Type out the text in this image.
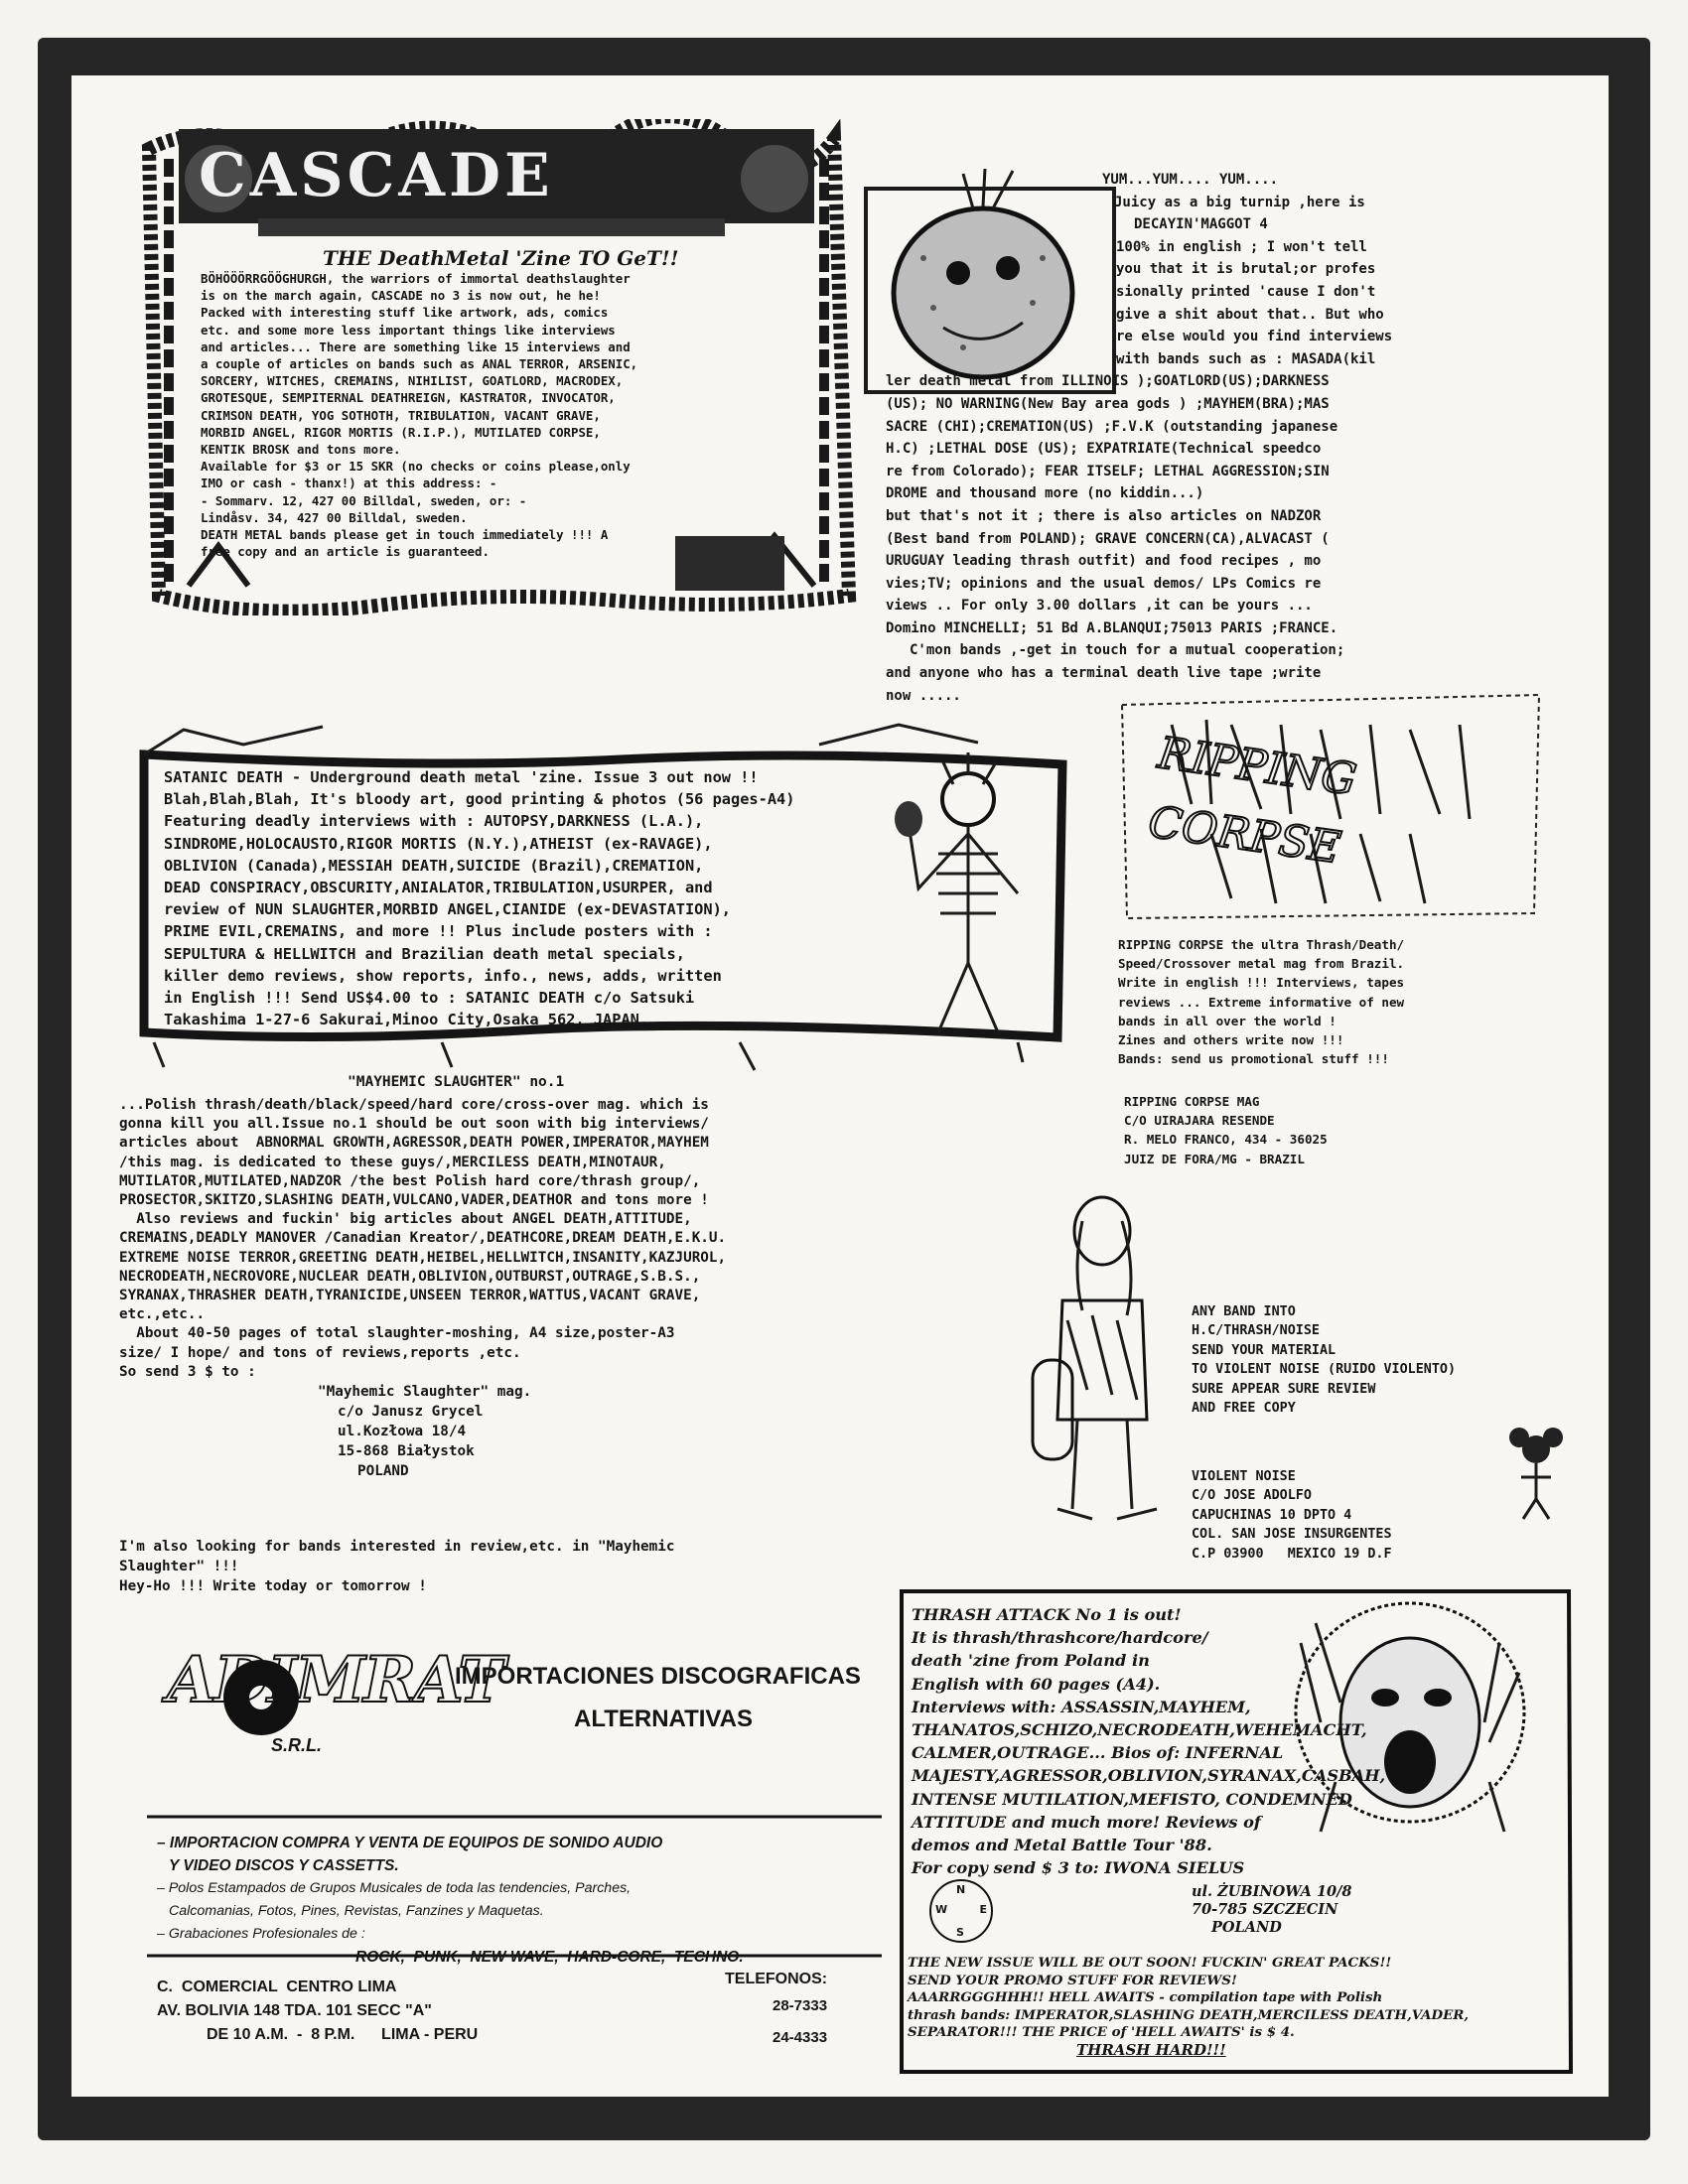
CASCADE
THE DeathMetal 'Zine TO GeT!!
BÖHÖÖÖRRGÖÖGHURGH, the warriors of immortal deathslaughter
is on the march again, CASCADE no 3 is now out, he he!
Packed with interesting stuff like artwork, ads, comics
etc. and some more less important things like interviews
and articles... There are something like 15 interviews and
a couple of articles on bands such as ANAL TERROR, ARSENIC,
SORCERY, WITCHES, CREMAINS, NIHILIST, GOATLORD, MACRODEX,
GROTESQUE, SEMPITERNAL DEATHREIGN, KASTRATOR, INVOCATOR,
CRIMSON DEATH, YOG SOTHOTH, TRIBULATION, VACANT GRAVE,
MORBID ANGEL, RIGOR MORTIS (R.I.P.), MUTILATED CORPSE,
KENTIK BROSK and tons more.
Available for $3 or 15 SKR (no checks or coins please,only
IMO or cash - thanx!) at this address: -
- Sommarv. 12, 427 00 Billdal, sweden, or: -
Lindåsv. 34, 427 00 Billdal, sweden.
DEATH METAL bands please get in touch immediately !!! A
free copy and an article is guaranteed.
YUM...YUM.... YUM....
Juicy as a big turnip ,here is
DECAYIN'MAGGOT 4
100% in english ; I won't tell
you that it is brutal;or profes
sionally printed 'cause I don't
give a shit about that.. But who
re else would you find interviews
with bands such as : MASADA(kil
ler death metal from ILLINOIS );GOATLORD(US);DARKNESS
(US); NO WARNING(New Bay area gods ) ;MAYHEM(BRA);MAS
SACRE (CHI);CREMATION(US) ;F.V.K (outstanding japanese
H.C) ;LETHAL DOSE (US); EXPATRIATE(Technical speedco
re from Colorado); FEAR ITSELF; LETHAL AGGRESSION;SIN
DROME and thousand more (no kiddin...)
but that's not it ; there is also articles on NADZOR
(Best band from POLAND); GRAVE CONCERN(CA),ALVACAST (
URUGUAY leading thrash outfit) and food recipes , mo
vies;TV; opinions and the usual demos/ LPs Comics re
views .. For only 3.00 dollars ,it can be yours ...
Domino MINCHELLI; 51 Bd A.BLANQUI;75013 PARIS ;FRANCE.
C'mon bands ,-get in touch for a mutual cooperation;
and anyone who has a terminal death live tape ;write
now .....
SATANIC DEATH - Underground death metal 'zine. Issue 3 out now !!
Blah,Blah,Blah, It's bloody art, good printing & photos (56 pages-A4)
Featuring deadly interviews with : AUTOPSY,DARKNESS (L.A.),
SINDROME,HOLOCAUSTO,RIGOR MORTIS (N.Y.),ATHEIST (ex-RAVAGE),
OBLIVION (Canada),MESSIAH DEATH,SUICIDE (Brazil),CREMATION,
DEAD CONSPIRACY,OBSCURITY,ANIALATOR,TRIBULATION,USURPER, and
review of NUN SLAUGHTER,MORBID ANGEL,CIANIDE (ex-DEVASTATION),
PRIME EVIL,CREMAINS, and more !! Plus include posters with :
SEPULTURA & HELLWITCH and Brazilian death metal specials,
killer demo reviews, show reports, info., news, adds, written
in English !!! Send US$4.00 to : SATANIC DEATH c/o Satsuki
Takashima 1-27-6 Sakurai,Minoo City,Osaka 562, JAPAN.
RIPPING CORPSE
RIPPING CORPSE the ultra Thrash/Death/
Speed/Crossover metal mag from Brazil.
Write in english !!! Interviews, tapes
reviews ... Extreme informative of new
bands in all over the world !
Zines and others write now !!!
Bands: send us promotional stuff !!!
RIPPING CORPSE MAG
C/O UIRAJARA RESENDE
R. MELO FRANCO, 434 - 36025
JUIZ DE FORA/MG - BRAZIL
"MAYHEMIC SLAUGHTER" no.1
...Polish thrash/death/black/speed/hard core/cross-over mag. which is
gonna kill you all.Issue no.1 should be out soon with big interviews/
articles about  ABNORMAL GROWTH,AGRESSOR,DEATH POWER,IMPERATOR,MAYHEM
/this mag. is dedicated to these guys/,MERCILESS DEATH,MINOTAUR,
MUTILATOR,MUTILATED,NADZOR /the best Polish hard core/thrash group/,
PROSECTOR,SKITZO,SLASHING DEATH,VULCANO,VADER,DEATHOR and tons more !
Also reviews and fuckin' big articles about ANGEL DEATH,ATTITUDE,
CREMAINS,DEADLY MANOVER /Canadian Kreator/,DEATHCORE,DREAM DEATH,E.K.U.
EXTREME NOISE TERROR,GREETING DEATH,HEIBEL,HELLWITCH,INSANITY,KAZJUROL,
NECRODEATH,NECROVORE,NUCLEAR DEATH,OBLIVION,OUTBURST,OUTRAGE,S.B.S.,
SYRANAX,THRASHER DEATH,TYRANICIDE,UNSEEN TERROR,WATTUS,VACANT GRAVE,
etc.,etc..
About 40-50 pages of total slaughter-moshing, A4 size,poster-A3
size/ I hope/ and tons of reviews,reports ,etc.
So send 3 $ to :
"Mayhemic Slaughter" mag.
c/o Janusz Grycel
ul.Kozłowa 18/4
15-868 Białystok
POLAND
I'm also looking for bands interested in review,etc. in "Mayhemic
Slaughter" !!!
Hey-Ho !!! Write today or tomorrow !
ANY BAND INTO
H.C/THRASH/NOISE
SEND YOUR MATERIAL
TO VIOLENT NOISE (RUIDO VIOLENTO)
SURE APPEAR SURE REVIEW
AND FREE COPY
VIOLENT NOISE
C/O JOSE ADOLFO
CAPUCHINAS 10 DPTO 4
COL. SAN JOSE INSURGENTES
C.P 03900   MEXICO 19 D.F
ADIMRAT
S.R.L.
IMPORTACIONES DISCOGRAFICAS
ALTERNATIVAS
– IMPORTACION COMPRA Y VENTA DE EQUIPOS DE SONIDO AUDIO
Y VIDEO DISCOS Y CASSETTS.
– Polos Estampados de Grupos Musicales de toda las tendencies, Parches,
Calcomanias, Fotos, Pines, Revistas, Fanzines y Maquetas.
– Grabaciones Profesionales de :
ROCK,  PUNK,  NEW WAVE,  HARD-CORE,  TECHNO.
C.  COMERCIAL  CENTRO LIMA
AV. BOLIVIA 148 TDA. 101 SECC "A"
DE 10 A.M.  -  8 P.M.      LIMA - PERU
TELEFONOS:
28-7333
24-4333
THRASH ATTACK No 1 is out!
It is thrash/thrashcore/hardcore/
death 'zine from Poland in
English with 60 pages (A4).
Interviews with: ASSASSIN,MAYHEM,
THANATOS,SCHIZO,NECRODEATH,WEHEMACHT,
CALMER,OUTRAGE... Bios of: INFERNAL
MAJESTY,AGRESSOR,OBLIVION,SYRANAX,CASBAH,
INTENSE MUTILATION,MEFISTO, CONDEMNED
ATTITUDE and much more! Reviews of
demos and Metal Battle Tour '88.
For copy send $ 3 to: IWONA SIELUS
ul. ŻUBINOWA 10/8
70-785 SZCZECIN
POLAND
N
E
S
W
THE NEW ISSUE WILL BE OUT SOON! FUCKIN' GREAT PACKS!!
SEND YOUR PROMO STUFF FOR REVIEWS!
AAARRGGGHHH!! HELL AWAITS - compilation tape with Polish
thrash bands: IMPERATOR,SLASHING DEATH,MERCILESS DEATH,VADER,
SEPARATOR!!! THE PRICE of 'HELL AWAITS' is $ 4.
THRASH HARD!!!
